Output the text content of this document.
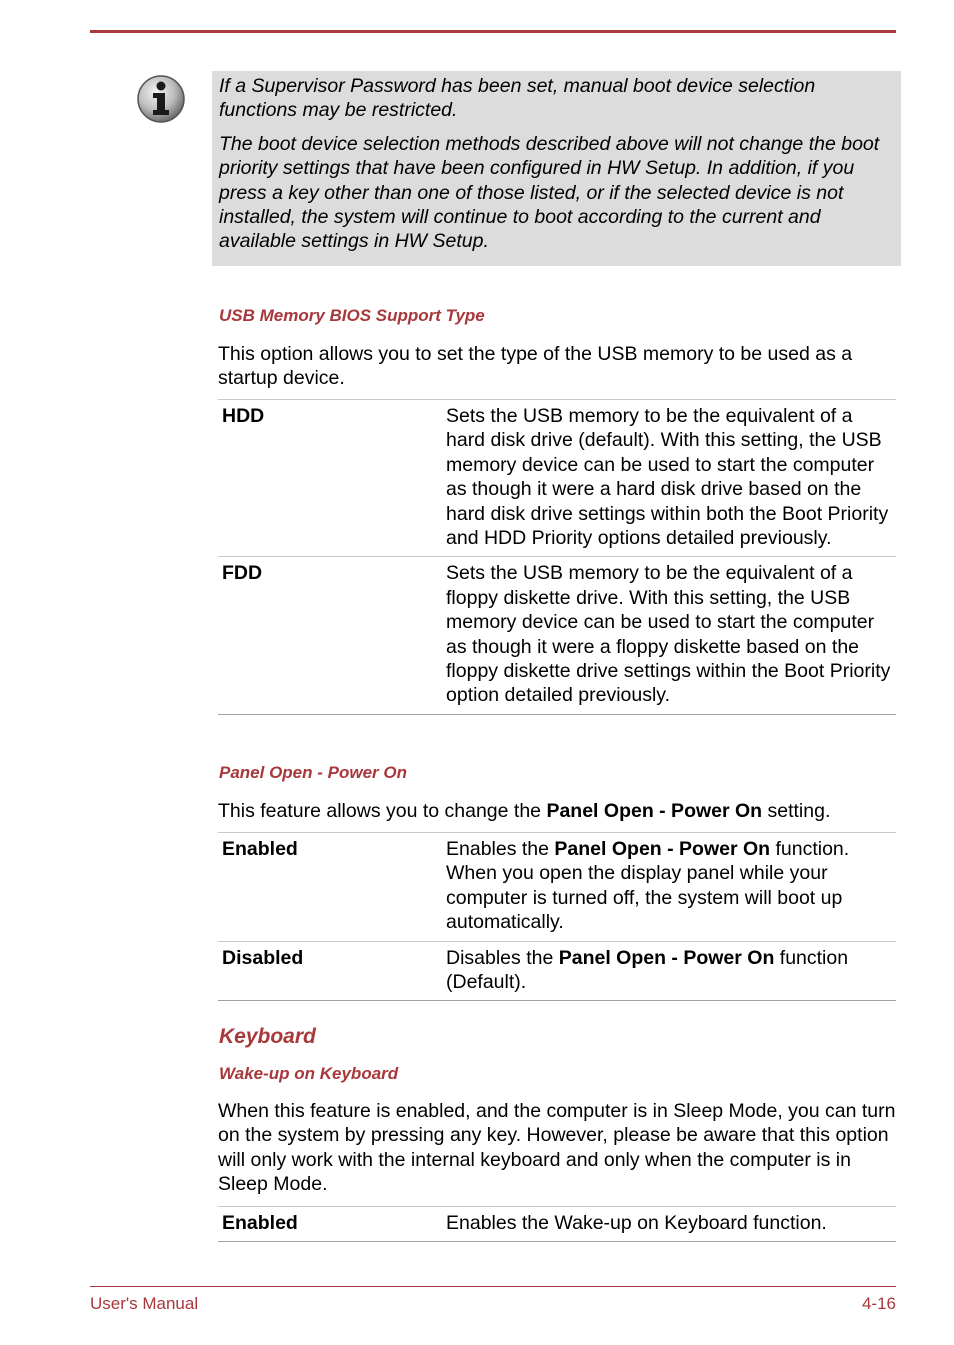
If a Supervisor Password has been set, manual boot device selection functions may be restricted.

The boot device selection methods described above will not change the boot priority settings that have been configured in HW Setup. In addition, if you press a key other than one of those listed, or if the selected device is not installed, the system will continue to boot according to the current and available settings in HW Setup.

USB Memory BIOS Support Type

This option allows you to set the type of the USB memory to be used as a startup device.

HDD	Sets the USB memory to be the equivalent of a hard disk drive (default). With this setting, the USB memory device can be used to start the computer as though it were a hard disk drive based on the hard disk drive settings within both the Boot Priority and HDD Priority options detailed previously.
FDD	Sets the USB memory to be the equivalent of a floppy diskette drive. With this setting, the USB memory device can be used to start the computer as though it were a floppy diskette based on the floppy diskette drive settings within the Boot Priority option detailed previously.
Panel Open - Power On

This feature allows you to change the Panel Open - Power On setting.

Enabled	Enables the Panel Open - Power On function. When you open the display panel while your computer is turned off, the system will boot up automatically.
Disabled	Disables the Panel Open - Power On function (Default).
Keyboard
Wake-up on Keyboard

When this feature is enabled, and the computer is in Sleep Mode, you can turn on the system by pressing any key. However, please be aware that this option will only work with the internal keyboard and only when the computer is in Sleep Mode.

Enabled	Enables the Wake-up on Keyboard function.
User's Manual	4-16
